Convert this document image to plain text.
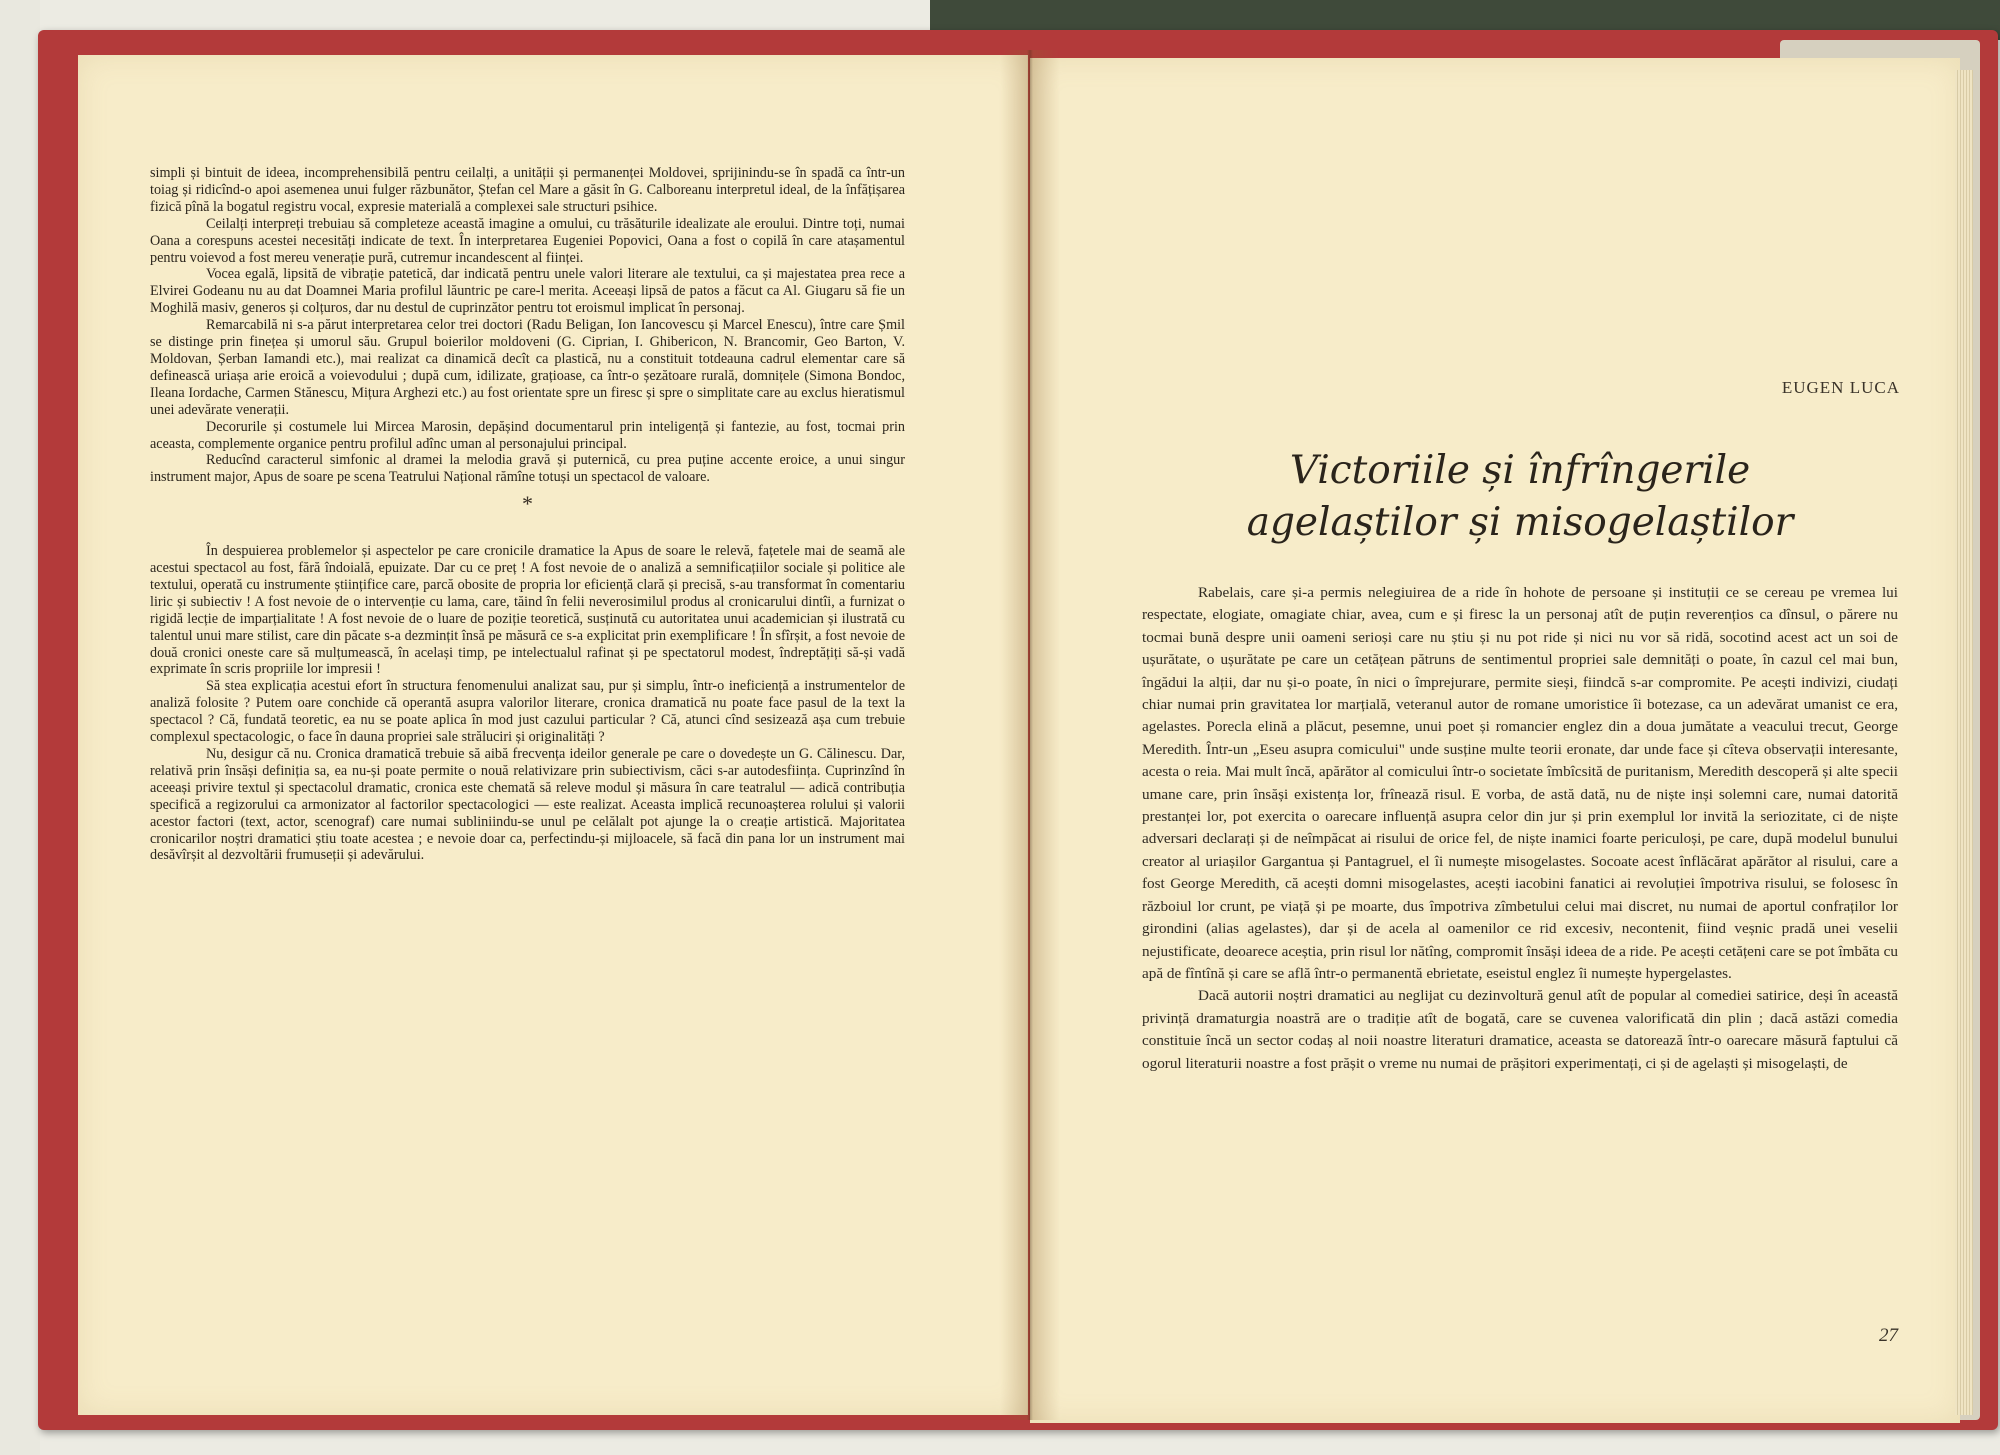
simpli și bintuit de ideea, incomprehensibilă pentru ceilalți, a unității și permanenței Moldovei, sprijinindu-se în spadă ca într-un toiag și ridicînd-o apoi asemenea unui fulger răzbunător, Ștefan cel Mare a găsit în G. Calboreanu interpretul ideal, de la înfățișarea fizică pînă la bogatul registru vocal, expresie materială a complexei sale structuri psihice.

Ceilalți interpreți trebuiau să completeze această imagine a omului, cu trăsăturile idealizate ale eroului. Dintre toți, numai Oana a corespuns acestei necesități indicate de text. În interpretarea Eugeniei Popovici, Oana a fost o copilă în care atașamentul pentru voievod a fost mereu venerație pură, cutremur incandescent al ființei.

Vocea egală, lipsită de vibrație patetică, dar indicată pentru unele valori literare ale textului, ca și majestatea prea rece a Elvirei Godeanu nu au dat Doamnei Maria profilul lăuntric pe care-l merita. Aceeași lipsă de patos a făcut ca Al. Giugaru să fie un Moghilă masiv, generos și colțuros, dar nu destul de cuprinzător pentru tot eroismul implicat în personaj.

Remarcabilă ni s-a părut interpretarea celor trei doctori (Radu Beligan, Ion Iancovescu și Marcel Enescu), între care Șmil se distinge prin finețea și umorul său. Grupul boierilor moldoveni (G. Ciprian, I. Ghibericon, N. Brancomir, Geo Barton, V. Moldovan, Șerban Iamandi etc.), mai realizat ca dinamică decît ca plastică, nu a constituit totdeauna cadrul elementar care să definească uriașa arie eroică a voievodului ; după cum, idilizate, grațioase, ca într-o șezătoare rurală, domnițele (Simona Bondoc, Ileana Iordache, Carmen Stănescu, Mițura Arghezi etc.) au fost orientate spre un firesc și spre o simplitate care au exclus hieratismul unei adevărate venerații.

Decorurile și costumele lui Mircea Marosin, depășind documentarul prin inteligență și fantezie, au fost, tocmai prin aceasta, complemente organice pentru profilul adînc uman al personajului principal.

Reducînd caracterul simfonic al dramei la melodia gravă și puternică, cu prea puține accente eroice, a unui singur instrument major, Apus de soare pe scena Teatrului Național rămîne totuși un spectacol de valoare.

*

În despuierea problemelor și aspectelor pe care cronicile dramatice la Apus de soare le relevă, fațetele mai de seamă ale acestui spectacol au fost, fără îndoială, epuizate. Dar cu ce preț ! A fost nevoie de o analiză a semnificațiilor sociale și politice ale textului, operată cu instrumente științifice care, parcă obosite de propria lor eficiență clară și precisă, s-au transformat în comentariu liric și subiectiv ! A fost nevoie de o intervenție cu lama, care, tăind în felii neverosimilul produs al cronicarului dintîi, a furnizat o rigidă lecție de imparțialitate ! A fost nevoie de o luare de poziție teoretică, susținută cu autoritatea unui academician și ilustrată cu talentul unui mare stilist, care din păcate s-a dezmințit însă pe măsură ce s-a explicitat prin exemplificare ! În sfîrșit, a fost nevoie de două cronici oneste care să mulțumească, în același timp, pe intelectualul rafinat și pe spectatorul modest, îndreptățiți să-și vadă exprimate în scris propriile lor impresii !

Să stea explicația acestui efort în structura fenomenului analizat sau, pur și simplu, într-o ineficiență a instrumentelor de analiză folosite ? Putem oare conchide că operantă asupra valorilor literare, cronica dramatică nu poate face pasul de la text la spectacol ? Că, fundată teoretic, ea nu se poate aplica în mod just cazului particular ? Că, atunci cînd sesizează așa cum trebuie complexul spectacologic, o face în dauna propriei sale străluciri și originalități ?

Nu, desigur că nu. Cronica dramatică trebuie să aibă frecvența ideilor generale pe care o dovedește un G. Călinescu. Dar, relativă prin însăși definiția sa, ea nu-și poate permite o nouă relativizare prin subiectivism, căci s-ar autodesființa. Cuprinzînd în aceeași privire textul și spectacolul dramatic, cronica este chemată să releve modul și măsura în care teatralul — adică contribuția specifică a regizorului ca armonizator al factorilor spectacologici — este realizat. Aceasta implică recunoașterea rolului și valorii acestor factori (text, actor, scenograf) care numai subliniindu-se unul pe celălalt pot ajunge la o creație artistică. Majoritatea cronicarilor noștri dramatici știu toate acestea ; e nevoie doar ca, perfectindu-și mijloacele, să facă din pana lor un instrument mai desăvîrșit al dezvoltării frumuseții și adevărului.

EUGEN LUCA
Victoriile și înfrîngerile
agelaștilor și misogelaștilor

Rabelais, care și-a permis nelegiuirea de a ride în hohote de persoane și instituții ce se cereau pe vremea lui respectate, elogiate, omagiate chiar, avea, cum e și firesc la un personaj atît de puțin reverențios ca dînsul, o părere nu tocmai bună despre unii oameni serioși care nu știu și nu pot ride și nici nu vor să ridă, socotind acest act un soi de ușurătate, o ușurătate pe care un cetățean pătruns de sentimentul propriei sale demnități o poate, în cazul cel mai bun, îngădui la alții, dar nu și-o poate, în nici o împrejurare, permite sieși, fiindcă s-ar compromite. Pe acești indivizi, ciudați chiar numai prin gravitatea lor marțială, veteranul autor de romane umoristice îi botezase, ca un adevărat umanist ce era, agelastes. Porecla elină a plăcut, pesemne, unui poet și romancier englez din a doua jumătate a veacului trecut, George Meredith. Într-un „Eseu asupra comicului" unde susține multe teorii eronate, dar unde face și cîteva observații interesante, acesta o reia. Mai mult încă, apărător al comicului într-o societate îmbîcsită de puritanism, Meredith descoperă și alte specii umane care, prin însăși existența lor, frînează risul. E vorba, de astă dată, nu de niște inși solemni care, numai datorită prestanței lor, pot exercita o oarecare influență asupra celor din jur și prin exemplul lor invită la seriozitate, ci de niște adversari declarați și de neîmpăcat ai risului de orice fel, de niște inamici foarte periculoși, pe care, după modelul bunului creator al uriașilor Gargantua și Pantagruel, el îi numește misogelastes. Socoate acest înflăcărat apărător al risului, care a fost George Meredith, că acești domni misogelastes, acești iacobini fanatici ai revoluției împotriva risului, se folosesc în războiul lor crunt, pe viață și pe moarte, dus împotriva zîmbetului celui mai discret, nu numai de aportul confraților lor girondini (alias agelastes), dar și de acela al oamenilor ce rid excesiv, necontenit, fiind veșnic pradă unei veselii nejustificate, deoarece aceștia, prin risul lor nătîng, compromit însăși ideea de a ride. Pe acești cetățeni care se pot îmbăta cu apă de fîntînă și care se află într-o permanentă ebrietate, eseistul englez îi numește hypergelastes.

Dacă autorii noștri dramatici au neglijat cu dezinvoltură genul atît de popular al comediei satirice, deși în această privință dramaturgia noastră are o tradiție atît de bogată, care se cuvenea valorificată din plin ; dacă astăzi comedia constituie încă un sector codaș al noii noastre literaturi dramatice, aceasta se datorează într-o oarecare măsură faptului că ogorul literaturii noastre a fost prășit o vreme nu numai de prășitori experimentați, ci și de agelaști și misogelaști, de

27
